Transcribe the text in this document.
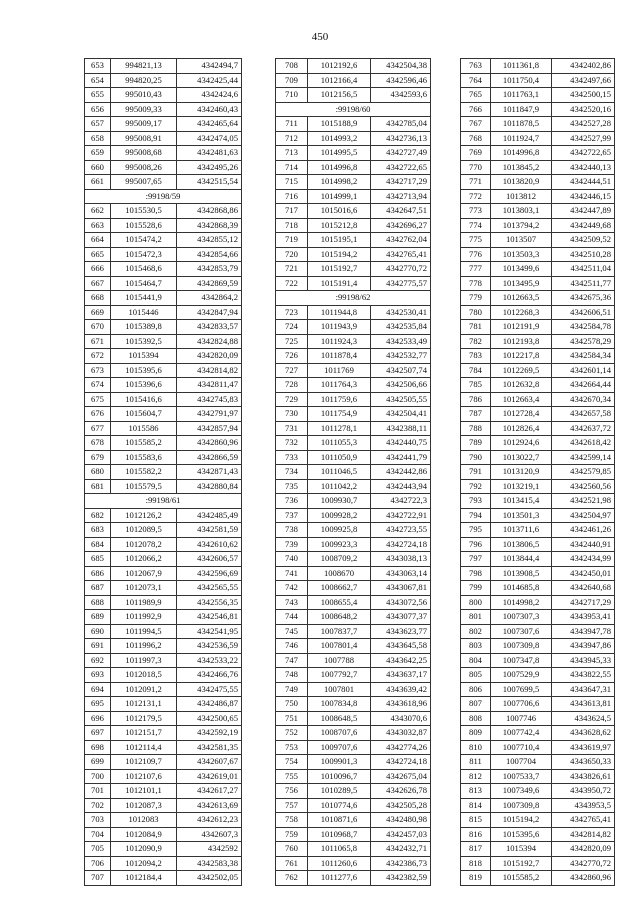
450
653	994821,13	4342494,7
654	994820,25	4342425,44
655	995010,43	4342424,6
656	995009,33	4342460,43
657	995009,17	4342465,64
658	995008,91	4342474,05
659	995008,68	4342481,63
660	995008,26	4342495,26
661	995007,65	4342515,54
:99198/59		
662	1015530,5	4342868,86
663	1015528,6	4342868,39
664	1015474,2	4342855,12
665	1015472,3	4342854,66
666	1015468,6	4342853,79
667	1015464,7	4342869,59
668	1015441,9	4342864,2
669	1015446	4342847,94
670	1015389,8	4342833,57
671	1015392,5	4342824,88
672	1015394	4342820,09
673	1015395,6	4342814,82
674	1015396,6	4342811,47
675	1015416,6	4342745,83
676	1015604,7	4342791,97
677	1015586	4342857,94
678	1015585,2	4342860,96
679	1015583,6	4342866,59
680	1015582,2	4342871,43
681	1015579,5	4342880,84
:99198/61		
682	1012126,2	4342485,49
683	1012089,5	4342581,59
684	1012078,2	4342610,62
685	1012066,2	4342606,57
686	1012067,9	4342596,69
687	1012073,1	4342565,55
688	1011989,9	4342556,35
689	1011992,9	4342546,81
690	1011994,5	4342541,95
691	1011996,2	4342536,59
692	1011997,3	4342533,22
693	1012018,5	4342466,76
694	1012091,2	4342475,55
695	1012131,1	4342486,87
696	1012179,5	4342500,65
697	1012151,7	4342592,19
698	1012114,4	4342581,35
699	1012109,7	4342607,67
700	1012107,6	4342619,01
701	1012101,1	4342617,27
702	1012087,3	4342613,69
703	1012083	4342612,23
704	1012084,9	4342607,3
705	1012090,9	4342592
706	1012094,2	4342583,38
707	1012184,4	4342502,05
708	1012192,6	4342504,38
709	1012166,4	4342596,46
710	1012156,5	4342593,6
:99198/60		
711	1015188,9	4342785,04
712	1014993,2	4342736,13
713	1014995,5	4342727,49
714	1014996,8	4342722,65
715	1014998,2	4342717,29
716	1014999,1	4342713,94
717	1015016,6	4342647,51
718	1015212,8	4342696,27
719	1015195,1	4342762,04
720	1015194,2	4342765,41
721	1015192,7	4342770,72
722	1015191,4	4342775,57
:99198/62		
723	1011944,8	4342530,41
724	1011943,9	4342535,84
725	1011924,3	4342533,49
726	1011878,4	4342532,77
727	1011769	4342507,74
728	1011764,3	4342506,66
729	1011759,6	4342505,55
730	1011754,9	4342504,41
731	1011278,1	4342388,11
732	1011055,3	4342440,75
733	1011050,9	4342441,79
734	1011046,5	4342442,86
735	1011042,2	4342443,94
736	1009930,7	4342722,3
737	1009928,2	4342722,91
738	1009925,8	4342723,55
739	1009923,3	4342724,18
740	1008709,2	4343038,13
741	1008670	4343063,14
742	1008662,7	4343067,81
743	1008655,4	4343072,56
744	1008648,2	4343077,37
745	1007837,7	4343623,77
746	1007801,4	4343645,58
747	1007788	4343642,25
748	1007792,7	4343637,17
749	1007801	4343639,42
750	1007834,8	4343618,96
751	1008648,5	4343070,6
752	1008707,6	4343032,87
753	1009707,6	4342774,26
754	1009901,3	4342724,18
755	1010096,7	4342675,04
756	1010289,5	4342626,78
757	1010774,6	4342505,28
758	1010871,6	4342480,98
759	1010968,7	4342457,03
760	1011065,8	4342432,71
761	1011260,6	4342386,73
762	1011277,6	4342382,59
763	1011361,8	4342402,86
764	1011750,4	4342497,66
765	1011763,1	4342500,15
766	1011847,9	4342520,16
767	1011878,5	4342527,28
768	1011924,7	4342527,99
769	1014996,8	4342722,65
770	1013845,2	4342440,13
771	1013820,9	4342444,51
772	1013812	4342446,15
773	1013803,1	4342447,89
774	1013794,2	4342449,68
775	1013507	4342509,52
776	1013503,3	4342510,28
777	1013499,6	4342511,04
778	1013495,9	4342511,77
779	1012663,5	4342675,36
780	1012268,3	4342606,51
781	1012191,9	4342584,78
782	1012193,8	4342578,29
783	1012217,8	4342584,34
784	1012269,5	4342601,14
785	1012632,8	4342664,44
786	1012663,4	4342670,34
787	1012728,4	4342657,58
788	1012826,4	4342637,72
789	1012924,6	4342618,42
790	1013022,7	4342599,14
791	1013120,9	4342579,85
792	1013219,1	4342560,56
793	1013415,4	4342521,98
794	1013501,3	4342504,97
795	1013711,6	4342461,26
796	1013806,5	4342440,91
797	1013844,4	4342434,99
798	1013908,5	4342450,01
799	1014685,8	4342640,68
800	1014998,2	4342717,29
801	1007307,3	4343953,41
802	1007307,6	4343947,78
803	1007309,8	4343947,86
804	1007347,8	4343945,33
805	1007529,9	4343822,55
806	1007699,5	4343647,31
807	1007706,6	4343613,81
808	1007746	4343624,5
809	1007742,4	4343628,62
810	1007710,4	4343619,97
811	1007704	4343650,33
812	1007533,7	4343826,61
813	1007349,6	4343950,72
814	1007309,8	4343953,5
815	1015194,2	4342765,41
816	1015395,6	4342814,82
817	1015394	4342820,09
818	1015192,7	4342770,72
819	1015585,2	4342860,96
